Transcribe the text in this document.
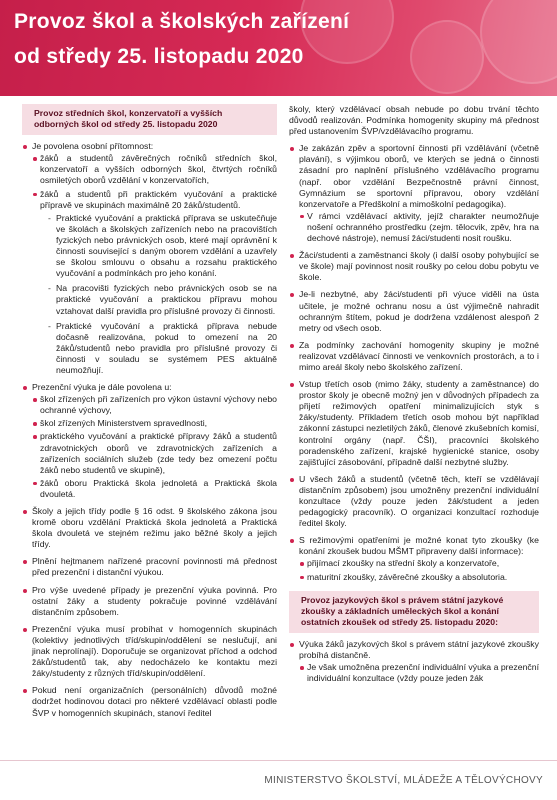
Provoz škol a školských zařízení
od středy 25. listopadu 2020
Provoz středních škol, konzervatoří a vyšších odborných škol od středy 25. listopadu 2020
Je povolena osobní přítomnost:
žáků a studentů závěrečných ročníků středních škol, konzervatoří a vyšších odborných škol, čtvrtých ročníků osmiletých oborů vzdělání v konzervatořích,
žáků a studentů při praktickém vyučování a praktické přípravě ve skupinách maximálně 20 žáků/studentů.
- Praktické vyučování a praktická příprava se uskutečňuje ve školách a školských zařízeních nebo na pracovištích fyzických nebo právnických osob, které mají oprávnění k činnosti související s daným oborem vzdělání a uzavřely se školou smlouvu o obsahu a rozsahu praktického vyučování a podmínkách pro jeho konání.
- Na pracovišti fyzických nebo právnických osob se na praktické vyučování a praktickou přípravu mohou vztahovat další pravidla pro příslušné provozy či činnosti.
- Praktické vyučování a praktická příprava nebude dočasně realizována, pokud to omezení na 20 žáků/studentů nebo pravidla pro příslušné provozy či činnosti v souladu se systémem PES aktuálně neumožňují.
Prezenční výuka je dále povolena u:
škol zřízených při zařízeních pro výkon ústavní výchovy nebo ochranné výchovy,
škol zřízených Ministerstvem spravedlnosti,
praktického vyučování a praktické přípravy žáků a studentů zdravotnických oborů ve zdravotnických zařízeních a zařízeních sociálních služeb (zde tedy bez omezení počtu žáků nebo studentů ve skupině),
žáků oboru Praktická škola jednoletá a Praktická škola dvouletá.
Školy a jejich třídy podle § 16 odst. 9 školského zákona jsou kromě oboru vzdělání Praktická škola jednoletá a Praktická škola dvouletá ve stejném režimu jako běžné školy a jejich třídy.
Plnění hejtmanem nařízené pracovní povinnosti má přednost před prezenční i distanční výukou.
Pro výše uvedené případy je prezenční výuka povinná. Pro ostatní žáky a studenty pokračuje povinné vzdělávání distančním způsobem.
Prezenční výuka musí probíhat v homogenních skupinách (kolektivy jednotlivých tříd/skupin/oddělení se neslučují, ani jinak neprolínají). Doporučuje se organizovat příchod a odchod žáků/studentů tak, aby nedocházelo ke kontaktu mezi žáky/studenty z různých tříd/skupin/oddělení.
Pokud není organizačních (personálních) důvodů možné dodržet hodinovou dotaci pro některé vzdělávací oblasti podle ŠVP v homogenních skupinách, stanoví ředitel
školy, který vzdělávací obsah nebude po dobu trvání těchto důvodů realizován. Podmínka homogenity skupiny má přednost před ustanovením ŠVP/vzdělávacího programu.
Je zakázán zpěv a sportovní činnosti při vzdělávání (včetně plavání), s výjimkou oborů, ve kterých se jedná o činnosti zásadní pro naplnění příslušného vzdělávacího programu (např. obor vzdělání Bezpečnostně právní činnost, Gymnázium se sportovní přípravou, obory vzdělání konzervatoře a Předškolní a mimoškolní pedagogika).
V rámci vzdělávací aktivity, jejíž charakter neumožňuje nošení ochranného prostředku (zejm. tělocvik, zpěv, hra na dechové nástroje), nemusí žáci/studenti nosit roušku.
Žáci/studenti a zaměstnanci školy (i další osoby pohybující se ve škole) mají povinnost nosit roušky po celou dobu pobytu ve škole.
Je-li nezbytné, aby žáci/studenti při výuce viděli na ústa učitele, je možné ochranu nosu a úst výjimečně nahradit ochranným štítem, pokud je dodržena vzdálenost alespoň 2 metry od všech osob.
Za podmínky zachování homogenity skupiny je možné realizovat vzdělávací činnosti ve venkovních prostorách, a to i mimo areál školy nebo školského zařízení.
Vstup třetích osob (mimo žáky, studenty a zaměstnance) do prostor školy je obecně možný jen v důvodných případech za přijetí režimových opatření minimalizujících styk s žáky/studenty. Příkladem třetích osob mohou být například zákonní zástupci nezletilých žáků, členové zkušebních komisí, kontrolní orgány (např. ČŠI), pracovníci školského poradenského zařízení, krajské hygienické stanice, osoby zajišťující zásobování, případně další nezbytné služby.
U všech žáků a studentů (včetně těch, kteří se vzdělávají distančním způsobem) jsou umožněny prezenční individuální konzultace (vždy pouze jeden žák/student a jeden pedagogický pracovník). O organizaci konzultací rozhoduje ředitel školy.
S režimovými opatřeními je možné konat tyto zkoušky (ke konání zkoušek budou MŠMT připraveny další informace):
přijímací zkoušky na střední školy a konzervatoře,
maturitní zkoušky, závěrečné zkoušky a absolutoria.
Provoz jazykových škol s právem státní jazykové zkoušky a základních uměleckých škol a konání ostatních zkoušek od středy 25. listopadu 2020:
Výuka žáků jazykových škol s právem státní jazykové zkoušky probíhá distančně.
Je však umožněna prezenční individuální výuka a prezenční individuální konzultace (vždy pouze jeden žák
MINISTERSTVO ŠKOLSTVÍ, MLÁDEŽE A TĚLOVÝCHOVY
